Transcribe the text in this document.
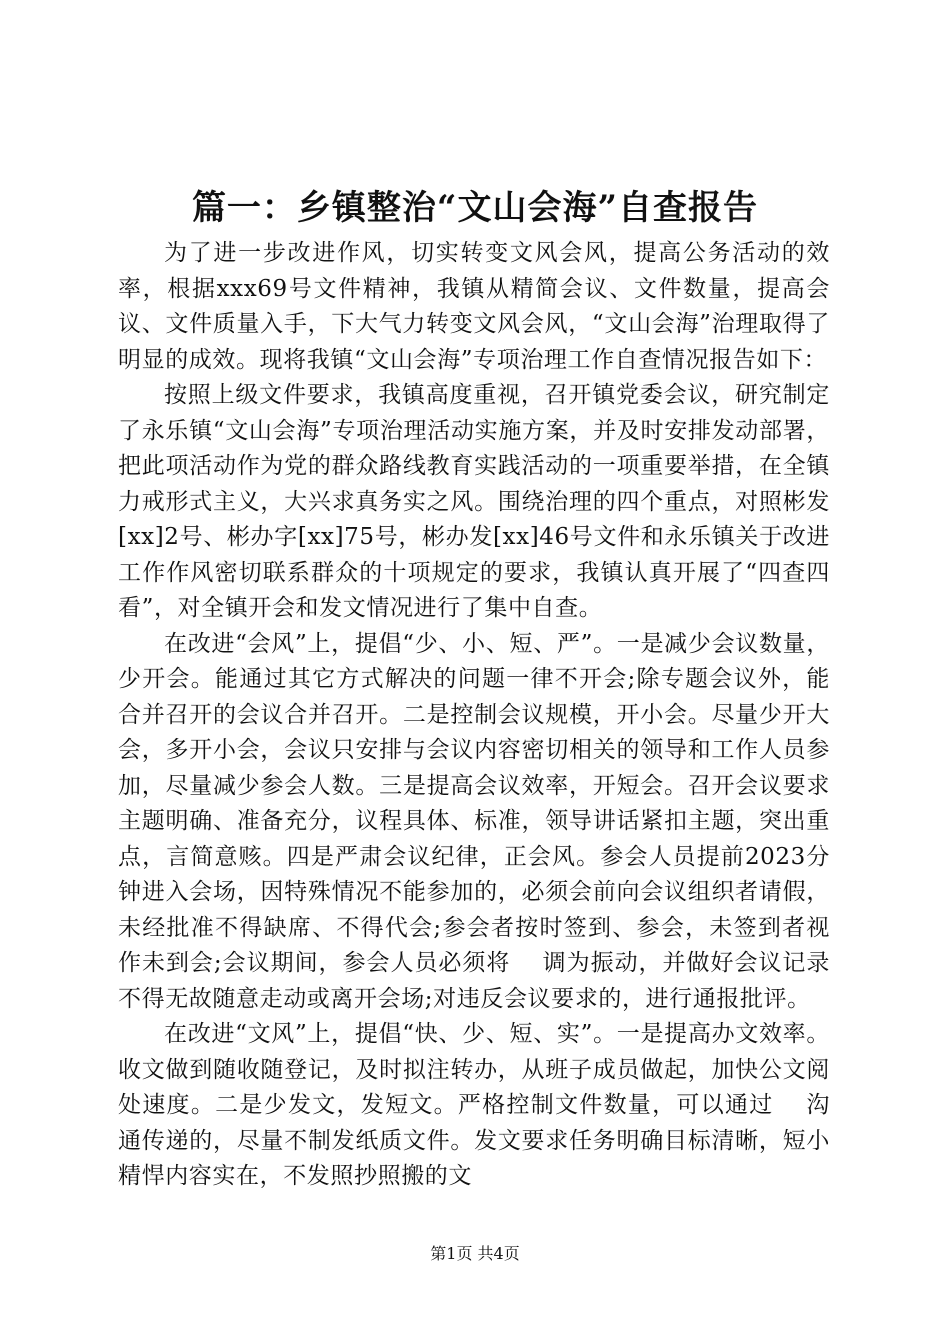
篇一：乡镇整治“文山会海”自查报告

为了进一步改进作风，切实转变文风会风，提高公务活动的效率，根据xxx69号文件精神，我镇从精简会议、文件数量，提高会议、文件质量入手，下大气力转变文风会风，“文山会海”治理取得了明显的成效。现将我镇“文山会海”专项治理工作自查情况报告如下：

按照上级文件要求，我镇高度重视，召开镇党委会议，研究制定了永乐镇“文山会海”专项治理活动实施方案，并及时安排发动部署，把此项活动作为党的群众路线教育实践活动的一项重要举措，在全镇力戒形式主义，大兴求真务实之风。围绕治理的四个重点，对照彬发[xx]2号、彬办字[xx]75号，彬办发[xx]46号文件和永乐镇关于改进工作作风密切联系群众的十项规定的要求，我镇认真开展了“四查四看”，对全镇开会和发文情况进行了集中自查。

在改进“会风”上，提倡“少、小、短、严”。一是减少会议数量，少开会。能通过其它方式解决的问题一律不开会;除专题会议外，能合并召开的会议合并召开。二是控制会议规模，开小会。尽量少开大会，多开小会，会议只安排与会议内容密切相关的领导和工作人员参加，尽量减少参会人数。三是提高会议效率，开短会。召开会议要求主题明确、准备充分，议程具体、标准，领导讲话紧扣主题，突出重点，言简意赅。四是严肃会议纪律，正会风。参会人员提前2023分钟进入会场，因特殊情况不能参加的，必须会前向会议组织者请假，未经批准不得缺席、不得代会;参会者按时签到、参会，未签到者视作未到会;会议期间，参会人员必须将　 调为振动，并做好会议记录不得无故随意走动或离开会场;对违反会议要求的，进行通报批评。

在改进“文风”上，提倡“快、少、短、实”。一是提高办文效率。收文做到随收随登记，及时拟注转办，从班子成员做起，加快公文阅处速度。二是少发文，发短文。严格控制文件数量，可以通过　 沟通传递的，尽量不制发纸质文件。发文要求任务明确目标清晰，短小精悍内容实在，不发照抄照搬的文

第1页 共4页
